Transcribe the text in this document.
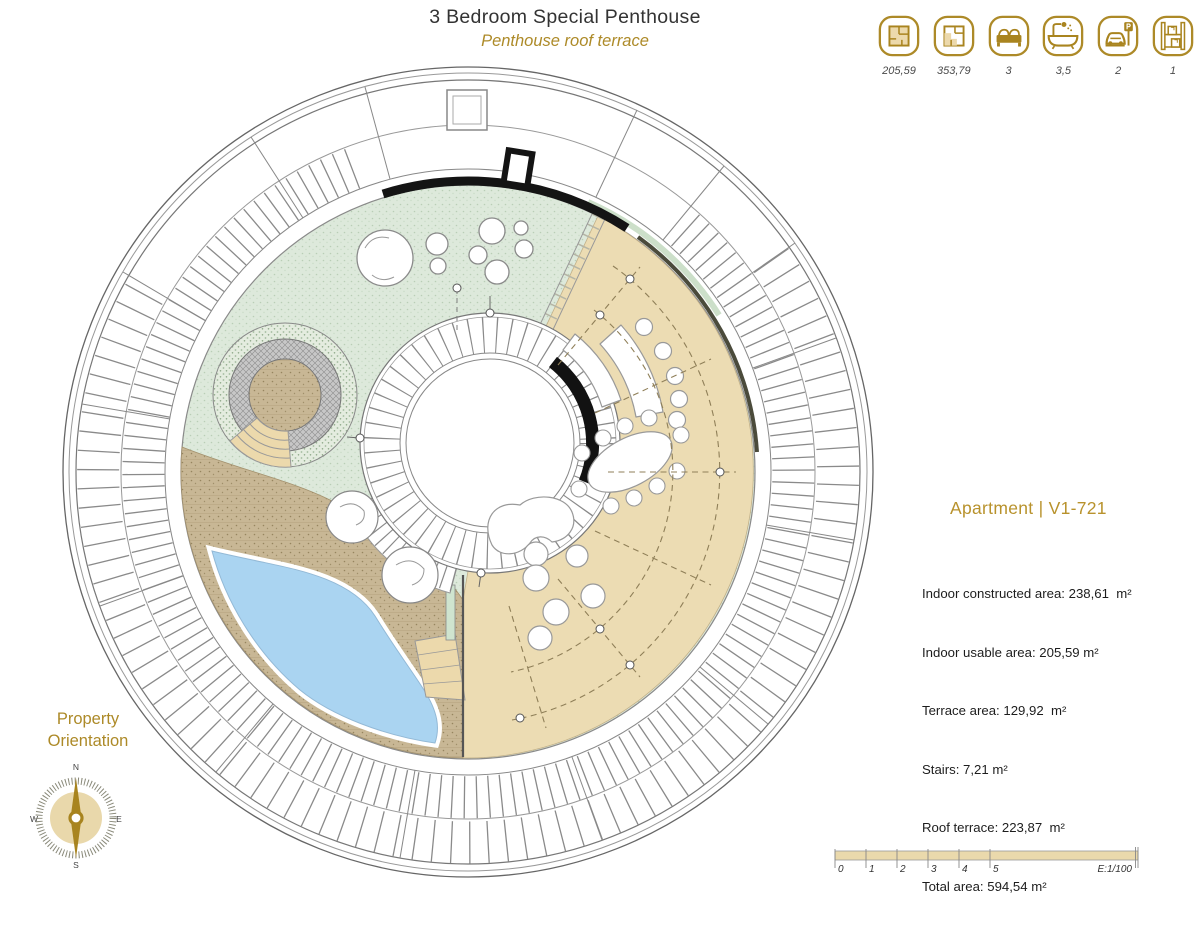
3 Bedroom Special Penthouse
Penthouse roof terrace
205,59	353,79	3	3,5	2	1
Apartment | V1-721

Indoor constructed area: 238,61  m²

Indoor usable area: 205,59 m²

Terrace area: 129,92  m²

Stairs: 7,21 m²

Roof terrace: 223,87  m²

Total area: 594,54 m²

Property Orientation
N
E
S
W
0	1	2	3	4	5	E:1/100
